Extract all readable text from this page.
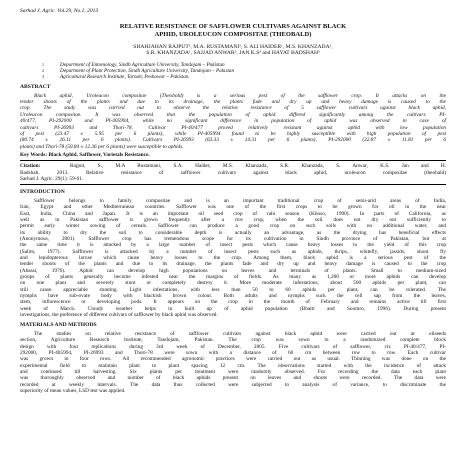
Sarhad J. Agric. Vol.29, No.1, 2013
RELATIVE RESISTANCE OF SAFFLOWER CULTIVARS AGAINST BLACK
APHID, UROLEUCON COMPOSITAE (THEOBALD)
SHAHJAHAN RAJPUT¹, M.A. RUSTAMANI¹, S. ALI HAIDER¹, M.S. KHANZADA¹,
S.R. KHANZADA¹, SAJJAD ANWAR², JAN K.S³ and HAYAT BADSHAH³
1	Department of Entomology, Sindh Agriculture University, Tandojam – Pakistan
2	Department of Plant Protection, Sindh Agriculture University, Tandojam – Pakistan
3	Agricultural Research Institute, Tarnab, Peshawar – Pakistan.
ABSTRACT
Black aphid, Uroleucon compositae (Theobold) is a serious pest of the safflower crop. It attacks on the
tender shoots of the plants and due to its drainage, the plants fade and dry up and heavy damage is caused to the
crop. The study was carried out to observe the relative resistance of 5 safflower cultivars against black aphid,
Uroleucon compositae. It was observed that the population of aphid differed significantly among the cultivars PI-
40/477, PI-292000 and PI-405994, while no significant difference in population of aphid was observed in case of
cultivars PI-26993 and Thori-78. Cultivar PI-40/477 proved relatively resistant against aphid with low population
of pest (23.47 ± 5.95 per 6 plants), while PI-405994 found to be highly susceptible with high population of pest
(80.74 ± 26.11 per 6 plants). Cultivars PI-26993 (63.33 ± 14.31 per 6 plants), PI-292000 (32.87 ± 11.81 per 6
plants) and Thori-78 (50.84 ± 12.36 per 6 plants) were susceptible to aphids.
Key Words: Black Aphid, Safflower, Varietals Resistance.
Citation:	Rajput, S., M.A Rustamani, S.A. Haider, M.S. Khanzada, S.R. Khanzada, S. Anwar, K.S. Jan and H.
Badshah. 2013. Relative resistance of safflower cultivars against black aphid, uroleucon compositae (theobald)
Sarhad J. Agric. 29(1): 59-61.
INTRODUCTION
Safflower belongs to family compositae and is an important traditional crop of semi-arid areas of India,
Iran, Egypt and other Mediterranean countries. Safflower was one of the first crops to be grown for oil in the near
East, India, China and Japan. It is an important oil seed crop of rabi season (Khoso, 1990). In parts of California, as
well as in Pakistan safflower is grown frequently after a rice crop, when the soil does not dry out sufficiently to
permit early winter sowing of cereals. Safflower can produce a good crop on such soils with no additional water, and
its ability to dry the soil to considerable depth is actually an advantage, as the drying has beneficial effects
(Anonymous, 2001). Safflower crop has tremendous scope for its cultivation in Sindh province of Pakistan, but at
the same time it is attacked by a large number of insect pests which cause heavy losses to the yield of this crop
(Salim, 1977). Safflower is attacked by a number of insect pests such as aphids, thrips, whitefly, jassids, shoot fly
and lepidopterous larvae which cause heavy losses to the crop. Among them, black aphid is a serious pest of the
tender shoots of the plants and due to its drainage, the plants fade and dry up and heavy damage is caused to the crop
(Abassi, 1976). Aphid can develop high populations on leaves and terminals of plants. Small to medium-sized
groups of plants generally become infested near the margins of fields. As many as 1,200 or more aphids can develop
on one plant and severely stunt or completely destroy it. More moderate infestations, about 500 aphids per plant, can
still cause appreciable stunting. Light infestations, with less than 50 to 60 aphids per plant, can be tolerated. The
nymphs have sub-ovate body with blackish brown colour. Both adults and nymphs suck the cell sap from the leaves,
stem, inflorescence or developing pods. It appears on the crop in the month of February and remains active till first
week of March. Cloudy weather helps in built up of aphid population (Bhatti and Soomro, 1996). During present
investigations, the preference of different cultivars of safflower by black aphid was observed.
MATERIALS AND METHODS
The studies on relative resistance of safflower cultivars against black aphid were carried out at oilseeds
section, Agriculture Research Institute, Tandojam, Pakistan. The crop was sown in a randomized complete block
design with four replications during 3rd week of December, 2005. Five cultivars of safflower, viz PI-40/477, PI-
292000, PI-405994, PI-26993 and Thori-78 were sown with a distance of 60 cm between row to row. Each cultivar
was grown in four rows. All recommended agronomic practices were carried out as usual. Thinning was done on the
experimental field to maintain plant to plant spacing 12 cm. The observations started with the incidence of attack
and continued till harvesting. Six plants per treatment were randomly observed. For recording the data each plant
was thoroughly observed and number of black aphids present on leaves and shoots were recorded. The data were
recorded at weekly intervals. The data thus collected were subjected to analysis of variance, to discriminate the
superiority of mean values, LSD test was applied.
